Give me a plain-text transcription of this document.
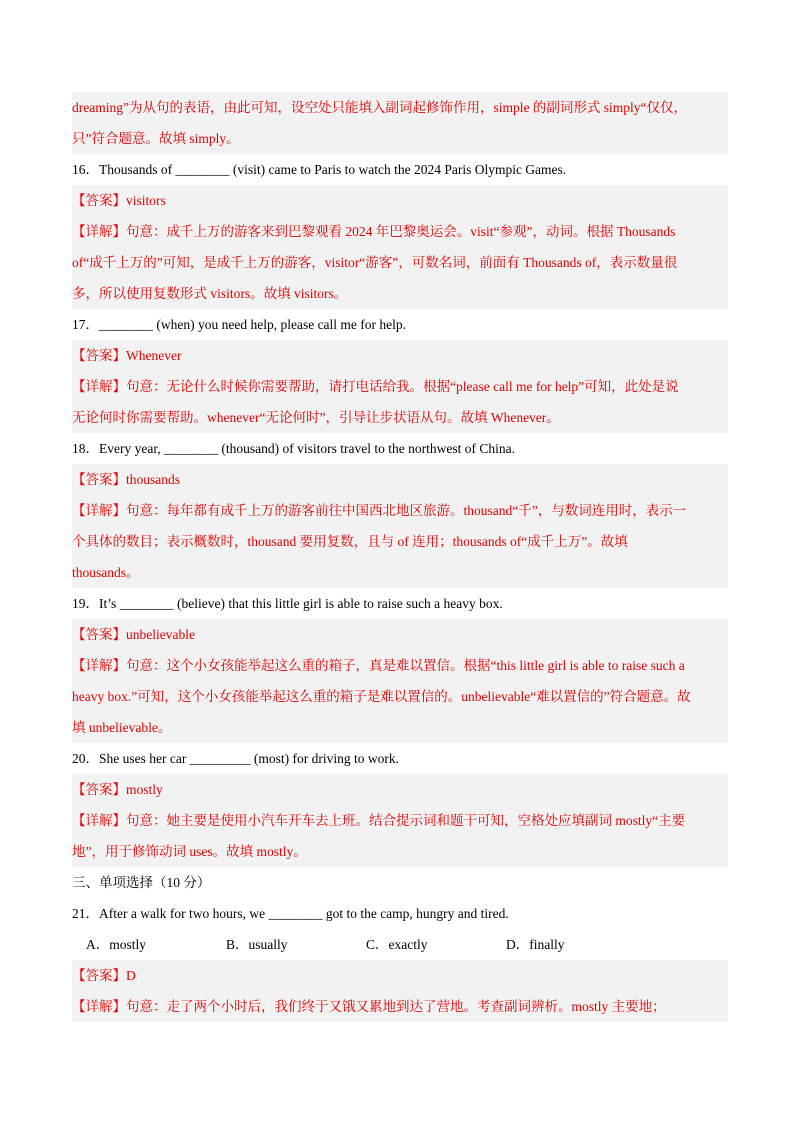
dreaming”为从句的表语，由此可知，设空处只能填入副词起修饰作用，simple 的副词形式 simply“仅仅，
只”符合题意。故填 simply。
16．Thousands of ________ (visit) came to Paris to watch the 2024 Paris Olympic Games.
【答案】visitors
【详解】句意：成千上万的游客来到巴黎观看 2024 年巴黎奥运会。visit“参观”，动词。根据 Thousands
of“成千上万的”可知，是成千上万的游客，visitor“游客”，可数名词，前面有 Thousands of，表示数量很
多，所以使用复数形式 visitors。故填 visitors。
17．________ (when) you need help, please call me for help.
【答案】Whenever
【详解】句意：无论什么时候你需要帮助，请打电话给我。根据“please call me for help”可知，此处是说
无论何时你需要帮助。whenever“无论何时”，引导让步状语从句。故填 Whenever。
18．Every year, ________ (thousand) of visitors travel to the northwest of China.
【答案】thousands
【详解】句意：每年都有成千上万的游客前往中国西北地区旅游。thousand“千”，与数词连用时，表示一
个具体的数目；表示概数时，thousand 要用复数，且与 of 连用；thousands of“成千上万”。故填
thousands。
19．It’s ________ (believe) that this little girl is able to raise such a heavy box.
【答案】unbelievable
【详解】句意：这个小女孩能举起这么重的箱子，真是难以置信。根据“this little girl is able to raise such a
heavy box.”可知，这个小女孩能举起这么重的箱子是难以置信的。unbelievable“难以置信的”符合题意。故
填 unbelievable。
20．She uses her car _________ (most) for driving to work.
【答案】mostly
【详解】句意：她主要是使用小汽车开车去上班。结合提示词和题干可知，空格处应填副词 mostly“主要
地”，用于修饰动词 uses。故填 mostly。
三、单项选择（10 分）
21．After a walk for two hours, we ________ got to the camp, hungry and tired.
A．mostly	B．usually	C．exactly	D．finally
【答案】D
【详解】句意：走了两个小时后，我们终于又饿又累地到达了营地。考查副词辨析。mostly 主要地；
